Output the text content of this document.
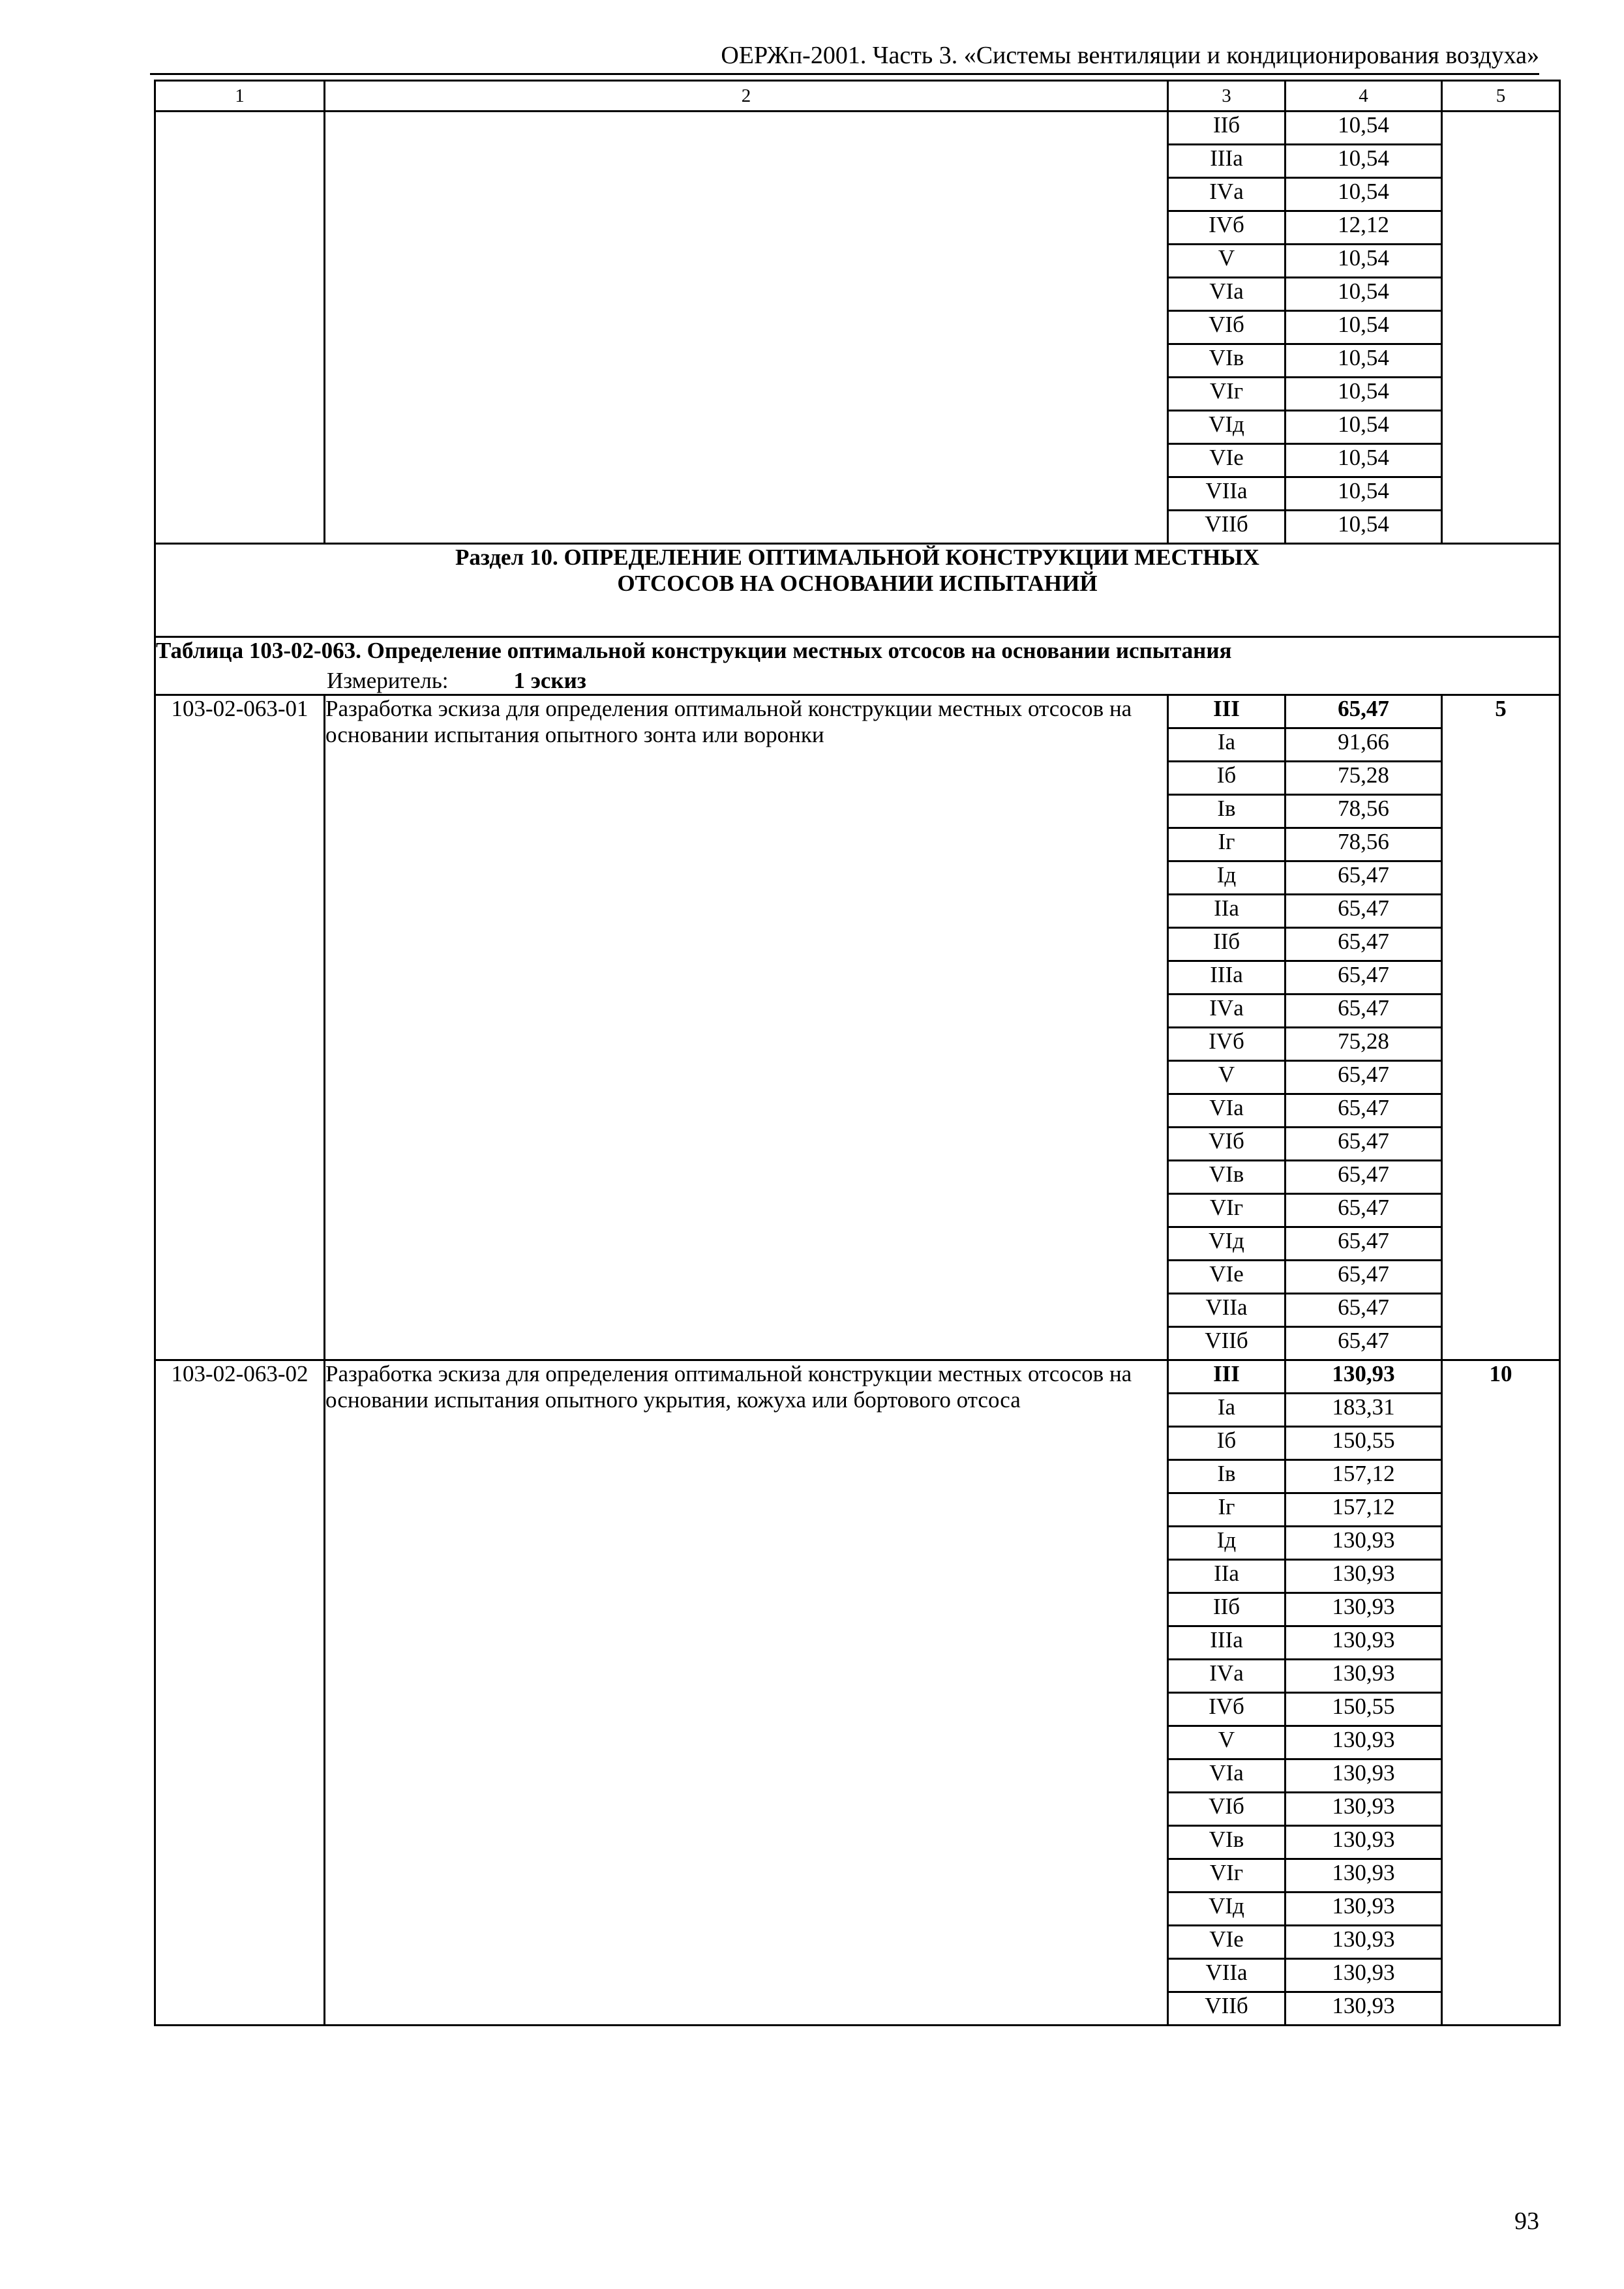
ОЕРЖп-2001. Часть 3. «Системы вентиляции и кондиционирования воздуха»
1	2	3	4	5
		IIб	10,54	
		IIIа	10,54	
		IVа	10,54	
		IVб	12,12	
		V	10,54	
		VIа	10,54	
		VIб	10,54	
		VIв	10,54	
		VIг	10,54	
		VIд	10,54	
		VIе	10,54	
		VIIа	10,54	
		VIIб	10,54	

Раздел 10. ОПРЕДЕЛЕНИЕ ОПТИМАЛЬНОЙ КОНСТРУКЦИИ МЕСТНЫХ
ОТСОСОВ НА ОСНОВАНИИ ИСПЫТАНИЙ				

Таблица 103-02-063. Определение оптимальной конструкции местных отсосов на основании испытания
Измеритель: 1 эскиз				

103-02-063-01	Разработка эскиза для определения оптимальной конструкции местных отсосов на основании испытания опытного зонта или воронки	III	65,47	5
		Iа	91,66	
		Iб	75,28	
		Iв	78,56	
		Iг	78,56	
		Iд	65,47	
		IIа	65,47	
		IIб	65,47	
		IIIа	65,47	
		IVа	65,47	
		IVб	75,28	
		V	65,47	
		VIа	65,47	
		VIб	65,47	
		VIв	65,47	
		VIг	65,47	
		VIд	65,47	
		VIе	65,47	
		VIIа	65,47	
		VIIб	65,47	
103-02-063-02	Разработка эскиза для определения оптимальной конструкции местных отсосов на основании испытания опытного укрытия, кожуха или бортового отсоса	III	130,93	10
		Iа	183,31	
		Iб	150,55	
		Iв	157,12	
		Iг	157,12	
		Iд	130,93	
		IIа	130,93	
		IIб	130,93	
		IIIа	130,93	
		IVа	130,93	
		IVб	150,55	
		V	130,93	
		VIа	130,93	
		VIб	130,93	
		VIв	130,93	
		VIг	130,93	
		VIд	130,93	
		VIе	130,93	
		VIIа	130,93	
		VIIб	130,93	
93
